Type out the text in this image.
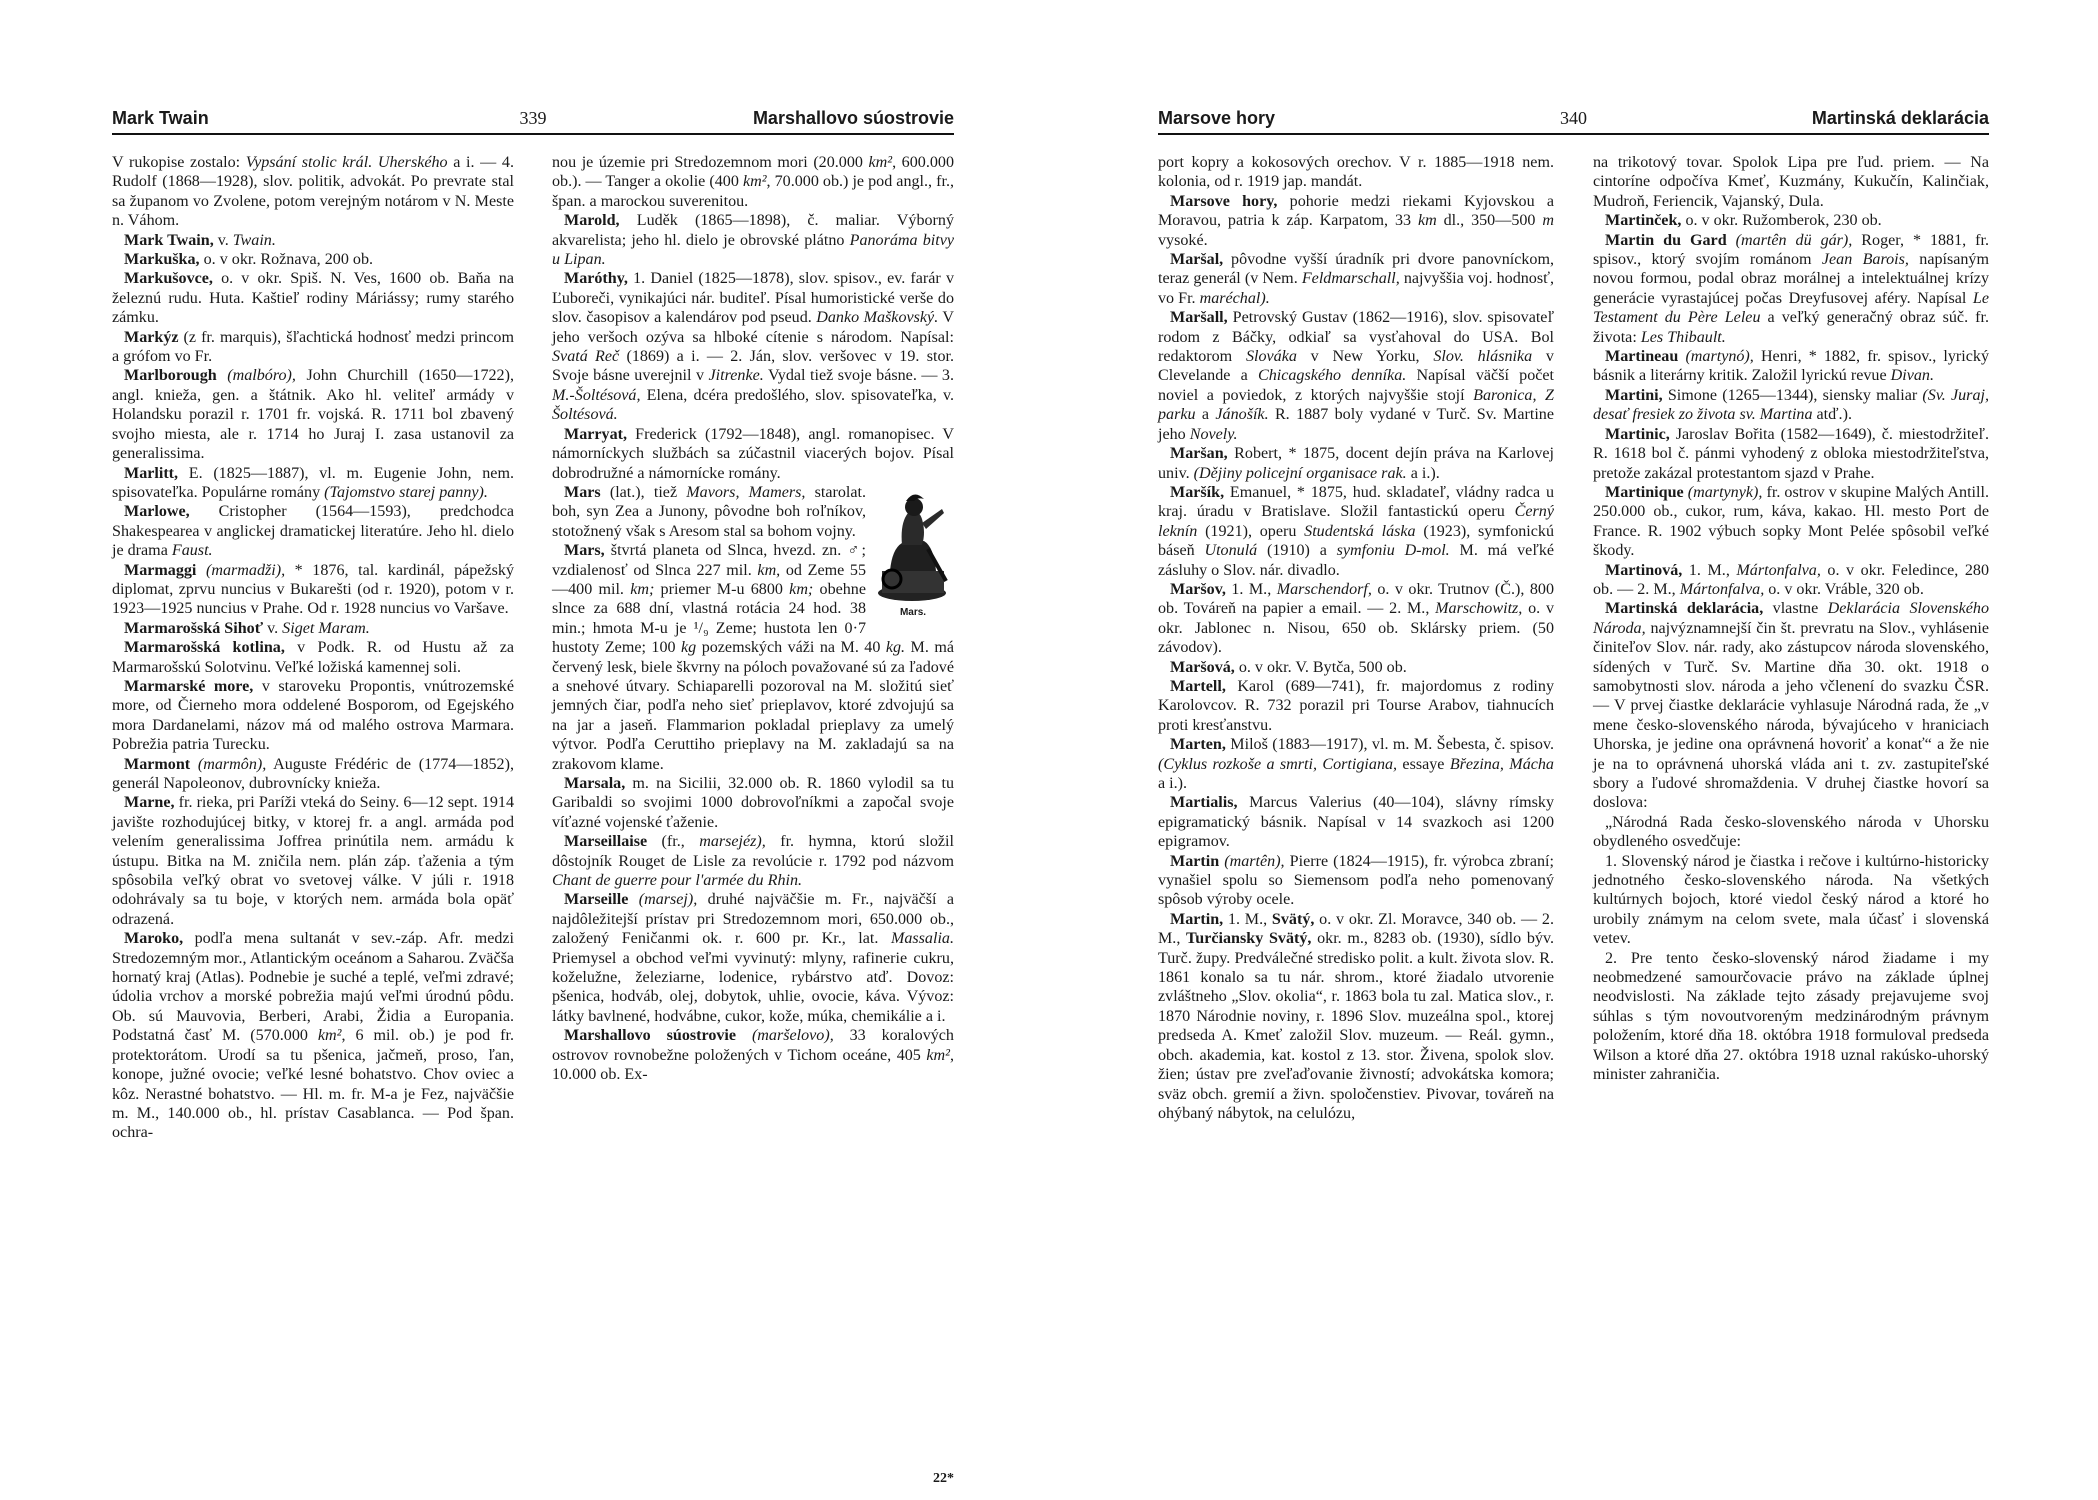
Mark Twain	339	Marshallovo súostrovie

V rukopise zostalo: Vypsání stolic král. Uherského a i. — 4. Rudolf (1868—1928), slov. politik, advokát. Po prevrate stal sa županom vo Zvolene, potom verejným notárom v N. Meste n. Váhom.

Mark Twain, v. Twain.

Markuška, o. v okr. Rožnava, 200 ob.

Markušovce, o. v okr. Spiš. N. Ves, 1600 ob. Baňa na železnú rudu. Huta. Kaštieľ rodiny Máriássy; rumy starého zámku.

Markýz (z fr. marquis), šľachtická hodnosť medzi princom a grófom vo Fr.

Marlborough (malbóro), John Churchill (1650—1722), angl. knieža, gen. a štátnik. Ako hl. veliteľ armády v Holandsku porazil r. 1701 fr. vojská. R. 1711 bol zbavený svojho miesta, ale r. 1714 ho Juraj I. zasa ustanovil za generalissima.

Marlitt, E. (1825—1887), vl. m. Eugenie John, nem. spisovateľka. Populárne romány (Tajomstvo starej panny).

Marlowe, Cristopher (1564—1593), predchodca Shakespearea v anglickej dramatickej literatúre. Jeho hl. dielo je drama Faust.

Marmaggi (marmadži), * 1876, tal. kardinál, pápežský diplomat, zprvu nuncius v Bukarešti (od r. 1920), potom v r. 1923—1925 nuncius v Prahe. Od r. 1928 nuncius vo Varšave.

Marmarošská Sihoť v. Siget Maram.

Marmarošská kotlina, v Podk. R. od Hustu až za Marmarošskú Solotvinu. Veľké ložiská kamennej soli.

Marmarské more, v staroveku Propontis, vnútrozemské more, od Čierneho mora oddelené Bosporom, od Egejského mora Dardanelami, názov má od malého ostrova Marmara. Pobrežia patria Turecku.

Marmont (marmôn), Auguste Frédéric de (1774—1852), generál Napoleonov, dubrovnícky knieža.

Marne, fr. rieka, pri Paríži vteká do Seiny. 6—12 sept. 1914 javište rozhodujúcej bitky, v ktorej fr. a angl. armáda pod velením generalissima Joffrea prinútila nem. armádu k ústupu. Bitka na M. zničila nem. plán záp. ťaženia a tým spôsobila veľký obrat vo svetovej válke. V júli r. 1918 odohrávaly sa tu boje, v ktorých nem. armáda bola opäť odrazená.

Maroko, podľa mena sultanát v sev.-záp. Afr. medzi Stredozemným mor., Atlantickým oceánom a Saharou. Zväčša hornatý kraj (Atlas). Podnebie je suché a teplé, veľmi zdravé; údolia vrchov a morské pobrežia majú veľmi úrodnú pôdu. Ob. sú Mauvovia, Berberi, Arabi, Židia a Europania. Podstatná časť M. (570.000 km², 6 mil. ob.) je pod fr. protektorátom. Urodí sa tu pšenica, jačmeň, proso, ľan, konope, južné ovocie; veľké lesné bohatstvo. Chov oviec a kôz. Nerastné bohatstvo. — Hl. m. fr. M-a je Fez, najväčšie m. M., 140.000 ob., hl. prístav Casablanca. — Pod špan. ochra-

nou je územie pri Stredozemnom mori (20.000 km², 600.000 ob.). — Tanger a okolie (400 km², 70.000 ob.) je pod angl., fr., špan. a marockou suverenitou.

Marold, Luděk (1865—1898), č. maliar. Výborný akvarelista; jeho hl. dielo je obrovské plátno Panoráma bitvy u Lipan.

Maróthy, 1. Daniel (1825—1878), slov. spisov., ev. farár v Ľuboreči, vynikajúci nár. buditeľ. Písal humoristické verše do slov. časopisov a kalendárov pod pseud. Danko Maškovský. V jeho veršoch ozýva sa hlboké cítenie s národom. Napísal: Svatá Reč (1869) a i. — 2. Ján, slov. veršovec v 19. stor. Svoje básne uverejnil v Jitrenke. Vydal tiež svoje básne. — 3. M.-Šoltésová, Elena, dcéra predošlého, slov. spisovateľka, v. Šoltésová.

Marryat, Frederick (1792—1848), angl. romanopisec. V námorníckych službách sa zúčastnil viacerých bojov. Písal dobrodružné a námornícke romány.

Mars.

Mars (lat.), tiež Mavors, Mamers, starolat. boh, syn Zea a Junony, pôvodne boh roľníkov, stotožnený však s Aresom stal sa bohom vojny.

Mars, štvrtá planeta od Slnca, hvezd. zn. ♂; vzdialenosť od Slnca 227 mil. km, od Zeme 55—400 mil. km; priemer M-u 6800 km; obehne slnce za 688 dní, vlastná rotácia 24 hod. 38 min.; hmota M-u je ¹/₉ Zeme; hustota len 0·7 hustoty Zeme; 100 kg pozemských váži na M. 40 kg. M. má červený lesk, biele škvrny na póloch považované sú za ľadové a snehové útvary. Schiaparelli pozoroval na M. složitú sieť jemných čiar, podľa neho sieť prieplavov, ktoré zdvojujú sa na jar a jaseň. Flammarion pokladal prieplavy za umelý výtvor. Podľa Ceruttiho prieplavy na M. zakladajú sa na zrakovom klame.

Marsala, m. na Sicilii, 32.000 ob. R. 1860 vylodil sa tu Garibaldi so svojimi 1000 dobrovoľníkmi a započal svoje víťazné vojenské ťaženie.

Marseillaise (fr., marsejéz), fr. hymna, ktorú složil dôstojník Rouget de Lisle za revolúcie r. 1792 pod názvom Chant de guerre pour l'armée du Rhin.

Marseille (marsej), druhé najväčšie m. Fr., najväčší a najdôležitejší prístav pri Stredozemnom mori, 650.000 ob., založený Feničanmi ok. r. 600 pr. Kr., lat. Massalia. Priemysel a obchod veľmi vyvinutý: mlyny, rafinerie cukru, koželužne, železiarne, lodenice, rybárstvo atď. Dovoz: pšenica, hodváb, olej, dobytok, uhlie, ovocie, káva. Vývoz: látky bavlnené, hodvábne, cukor, kože, múka, chemikálie a i.

Marshallovo súostrovie (maršelovo), 33 koralových ostrovov rovnobežne položených v Tichom oceáne, 405 km², 10.000 ob. Ex-

22*
Marsove hory	340	Martinská deklarácia

port kopry a kokosových orechov. V r. 1885—1918 nem. kolonia, od r. 1919 jap. mandát.

Marsove hory, pohorie medzi riekami Kyjovskou a Moravou, patria k záp. Karpatom, 33 km dl., 350—500 m vysoké.

Maršal, pôvodne vyšší úradník pri dvore panovníckom, teraz generál (v Nem. Feldmarschall, najvyššia voj. hodnosť, vo Fr. maréchal).

Maršall, Petrovský Gustav (1862—1916), slov. spisovateľ rodom z Báčky, odkiaľ sa vysťahoval do USA. Bol redaktorom Slováka v New Yorku, Slov. hlásnika v Clevelande a Chicagského denníka. Napísal väčší počet noviel a poviedok, z ktorých najvyššie stojí Baronica, Z parku a Jánošík. R. 1887 boly vydané v Turč. Sv. Martine jeho Novely.

Maršan, Robert, * 1875, docent dejín práva na Karlovej univ. (Dějiny policejní organisace rak. a i.).

Maršík, Emanuel, * 1875, hud. skladateľ, vládny radca u kraj. úradu v Bratislave. Složil fantastickú operu Černý leknín (1921), operu Studentská láska (1923), symfonickú báseň Utonulá (1910) a symfoniu D-mol. M. má veľké zásluhy o Slov. nár. divadlo.

Maršov, 1. M., Marschendorf, o. v okr. Trutnov (Č.), 800 ob. Továreň na papier a email. — 2. M., Marschowitz, o. v okr. Jablonec n. Nisou, 650 ob. Sklársky priem. (50 závodov).

Maršová, o. v okr. V. Bytča, 500 ob.

Martell, Karol (689—741), fr. majordomus z rodiny Karolovcov. R. 732 porazil pri Tourse Arabov, tiahnucích proti kresťanstvu.

Marten, Miloš (1883—1917), vl. m. M. Šebesta, č. spisov. (Cyklus rozkoše a smrti, Cortigiana, essaye Březina, Mácha a i.).

Martialis, Marcus Valerius (40—104), slávny rímsky epigramatický básnik. Napísal v 14 svazkoch asi 1200 epigramov.

Martin (martên), Pierre (1824—1915), fr. výrobca zbraní; vynašiel spolu so Siemensom podľa neho pomenovaný spôsob výroby ocele.

Martin, 1. M., Svätý, o. v okr. Zl. Moravce, 340 ob. — 2. M., Turčiansky Svätý, okr. m., 8283 ob. (1930), sídlo býv. Turč. župy. Predválečné stredisko polit. a kult. života slov. R. 1861 konalo sa tu nár. shrom., ktoré žiadalo utvorenie zvláštneho „Slov. okolia“, r. 1863 bola tu zal. Matica slov., r. 1870 Národnie noviny, r. 1896 Slov. muzeálna spol., ktorej predseda A. Kmeť založil Slov. muzeum. — Reál. gymn., obch. akademia, kat. kostol z 13. stor. Živena, spolok slov. žien; ústav pre zveľaďovanie živností; advokátska komora; sväz obch. gremií a živn. spoločenstiev. Pivovar, továreň na ohýbaný nábytok, na celulózu,

na trikotový tovar. Spolok Lipa pre ľud. priem. — Na cintoríne odpočíva Kmeť, Kuzmány, Kukučín, Kalinčiak, Mudroň, Feriencik, Vajanský, Dula.

Martinček, o. v okr. Ružomberok, 230 ob.

Martin du Gard (martên dü gár), Roger, * 1881, fr. spisov., ktorý svojím románom Jean Barois, napísaným novou formou, podal obraz morálnej a intelektuálnej krízy generácie vyrastajúcej počas Dreyfusovej aféry. Napísal Le Testament du Père Leleu a veľký generačný obraz súč. fr. života: Les Thibault.

Martineau (martynó), Henri, * 1882, fr. spisov., lyrický básnik a literárny kritik. Založil lyrickú revue Divan.

Martini, Simone (1265—1344), siensky maliar (Sv. Juraj, desať fresiek zo života sv. Martina atď.).

Martinic, Jaroslav Bořita (1582—1649), č. miestodržiteľ. R. 1618 bol č. pánmi vyhodený z obloka miestodržiteľstva, pretože zakázal protestantom sjazd v Prahe.

Martinique (martynyk), fr. ostrov v skupine Malých Antill. 250.000 ob., cukor, rum, káva, kakao. Hl. mesto Port de France. R. 1902 výbuch sopky Mont Pelée spôsobil veľké škody.

Martinová, 1. M., Mártonfalva, o. v okr. Feledince, 280 ob. — 2. M., Mártonfalva, o. v okr. Vráble, 320 ob.

Martinská deklarácia, vlastne Deklarácia Slovenského Národa, najvýznamnejší čin št. prevratu na Slov., vyhlásenie činiteľov Slov. nár. rady, ako zástupcov národa slovenského, sídených v Turč. Sv. Martine dňa 30. okt. 1918 o samobytnosti slov. národa a jeho včlenení do svazku ČSR. — V prvej čiastke deklarácie vyhlasuje Národná rada, že „v mene česko-slovenského národa, bývajúceho v hraniciach Uhorska, je jedine ona oprávnená hovoriť a konať“ a že nie je na to oprávnená uhorská vláda ani t. zv. zastupiteľské sbory a ľudové shromaždenia. V druhej čiastke hovorí sa doslova:

„Národná Rada česko-slovenského národa v Uhorsku obydleného osvedčuje:

1. Slovenský národ je čiastka i rečove i kultúrno-historicky jednotného česko-slovenského národa. Na všetkých kultúrnych bojoch, ktoré viedol český národ a ktoré ho urobily známym na celom svete, mala účasť i slovenská vetev.

2. Pre tento česko-slovenský národ žiadame i my neobmedzené samourčovacie právo na základe úplnej neodvislosti. Na základe tejto zásady prejavujeme svoj súhlas s tým novoutvoreným medzinárodným právnym položením, ktoré dňa 18. októbra 1918 formuloval predseda Wilson a ktoré dňa 27. októbra 1918 uznal rakúsko-uhorský minister zahraničia.
